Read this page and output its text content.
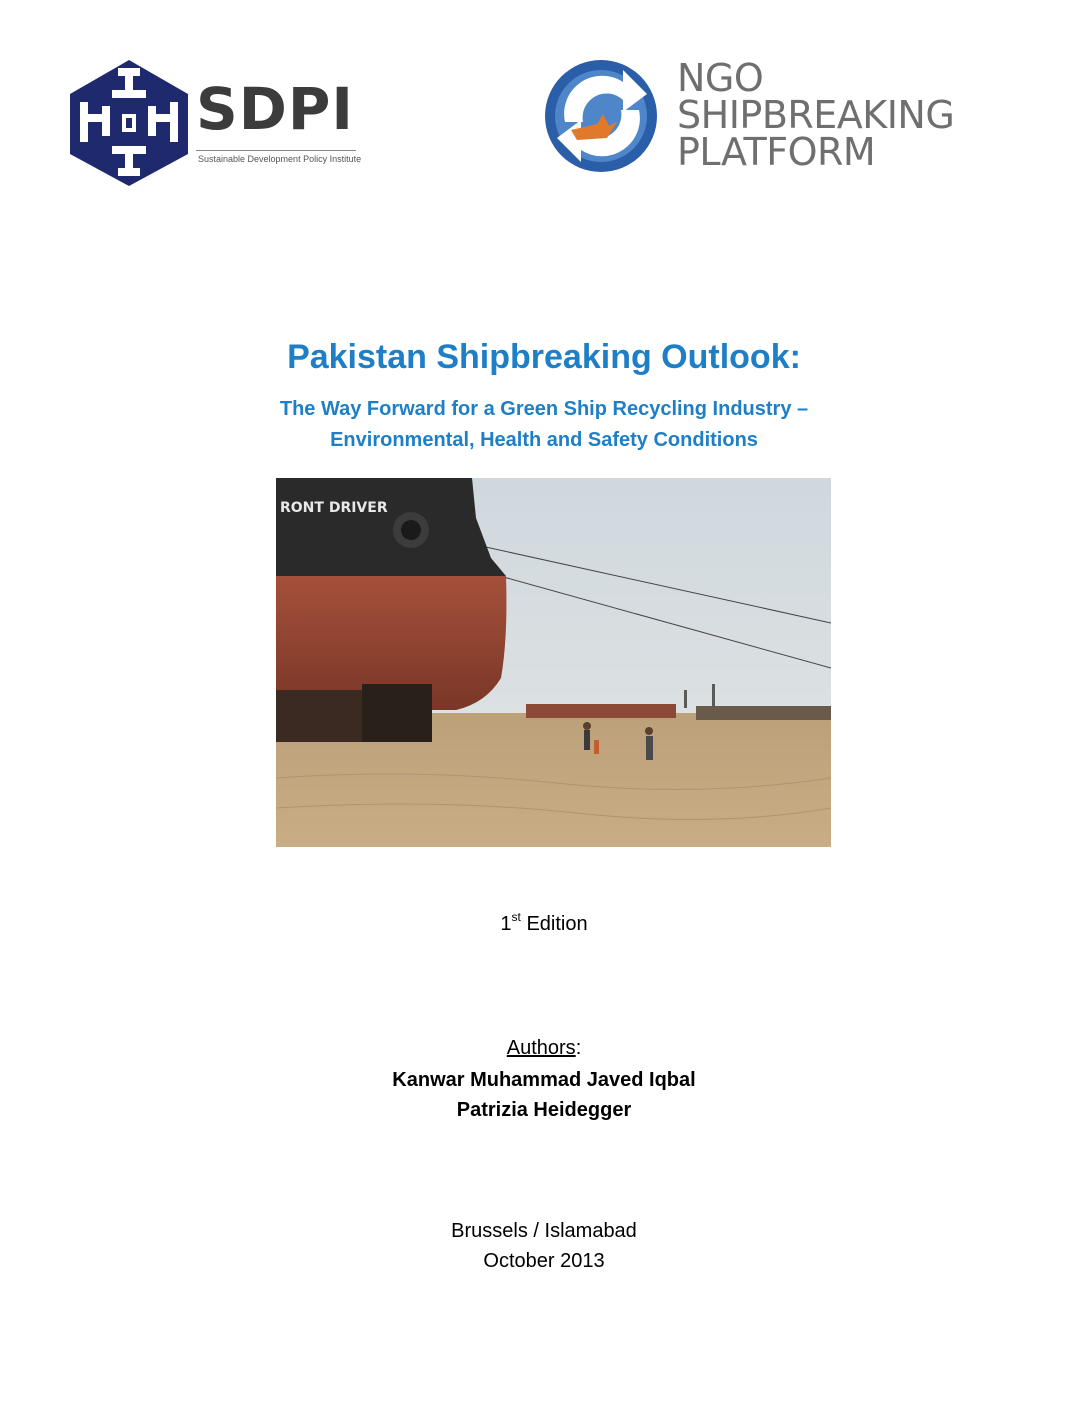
SDPI
Sustainable Development Policy Institute
NGO
SHIPBREAKING
PLATFORM
Pakistan Shipbreaking Outlook:
The Way Forward for a Green Ship Recycling Industry –
Environmental, Health and Safety Conditions
RONT DRIVER
1st Edition
Authors:
Kanwar Muhammad Javed Iqbal
Patrizia Heidegger
Brussels / Islamabad
October 2013
